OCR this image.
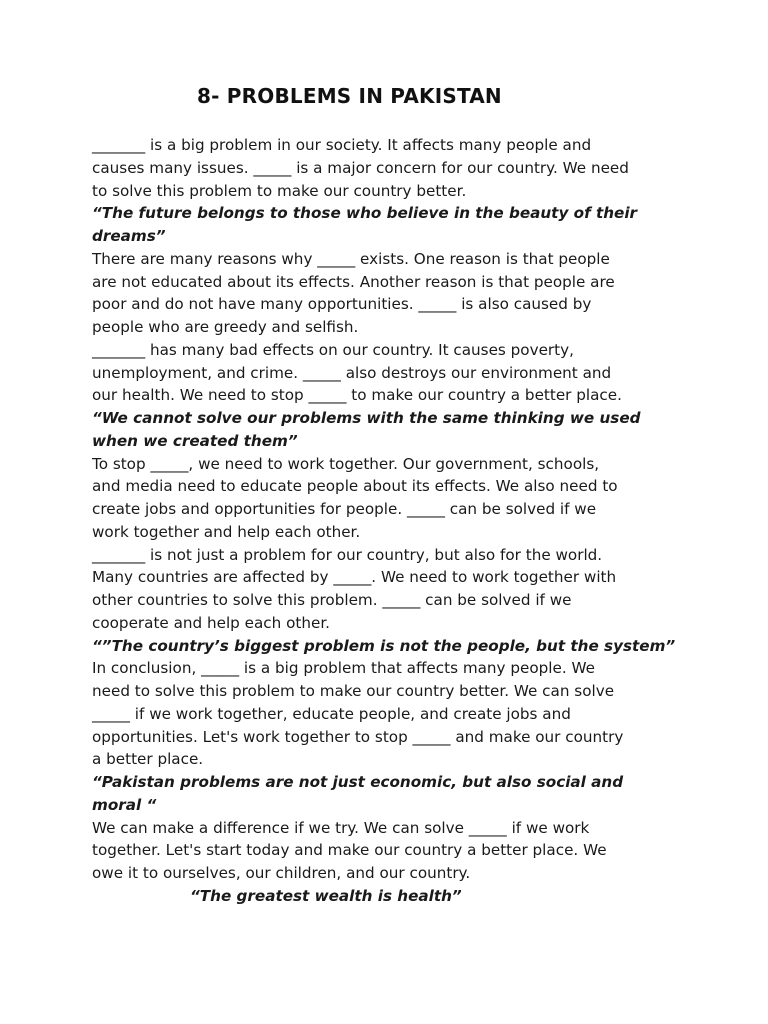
8- PROBLEMS IN PAKISTAN
_______ is a big problem in our society. It affects many people and
causes many issues. _____ is a major concern for our country. We need
to solve this problem to make our country better.
“The future belongs to those who believe in the beauty of their
dreams”
There are many reasons why _____ exists. One reason is that people
are not educated about its effects. Another reason is that people are
poor and do not have many opportunities. _____ is also caused by
people who are greedy and selfish.
_______ has many bad effects on our country. It causes poverty,
unemployment, and crime. _____ also destroys our environment and
our health. We need to stop _____ to make our country a better place.
“We cannot solve our problems with the same thinking we used
when we created them”
To stop _____, we need to work together. Our government, schools,
and media need to educate people about its effects. We also need to
create jobs and opportunities for people. _____ can be solved if we
work together and help each other.
_______ is not just a problem for our country, but also for the world.
Many countries are affected by _____. We need to work together with
other countries to solve this problem. _____ can be solved if we
cooperate and help each other.
“”The country’s biggest problem is not the people, but the system”
In conclusion, _____ is a big problem that affects many people. We
need to solve this problem to make our country better. We can solve
_____ if we work together, educate people, and create jobs and
opportunities. Let's work together to stop _____ and make our country
a better place.
“Pakistan problems are not just economic, but also social and
moral “
We can make a difference if we try. We can solve _____ if we work
together. Let's start today and make our country a better place. We
owe it to ourselves, our children, and our country.
“The greatest wealth is health”
